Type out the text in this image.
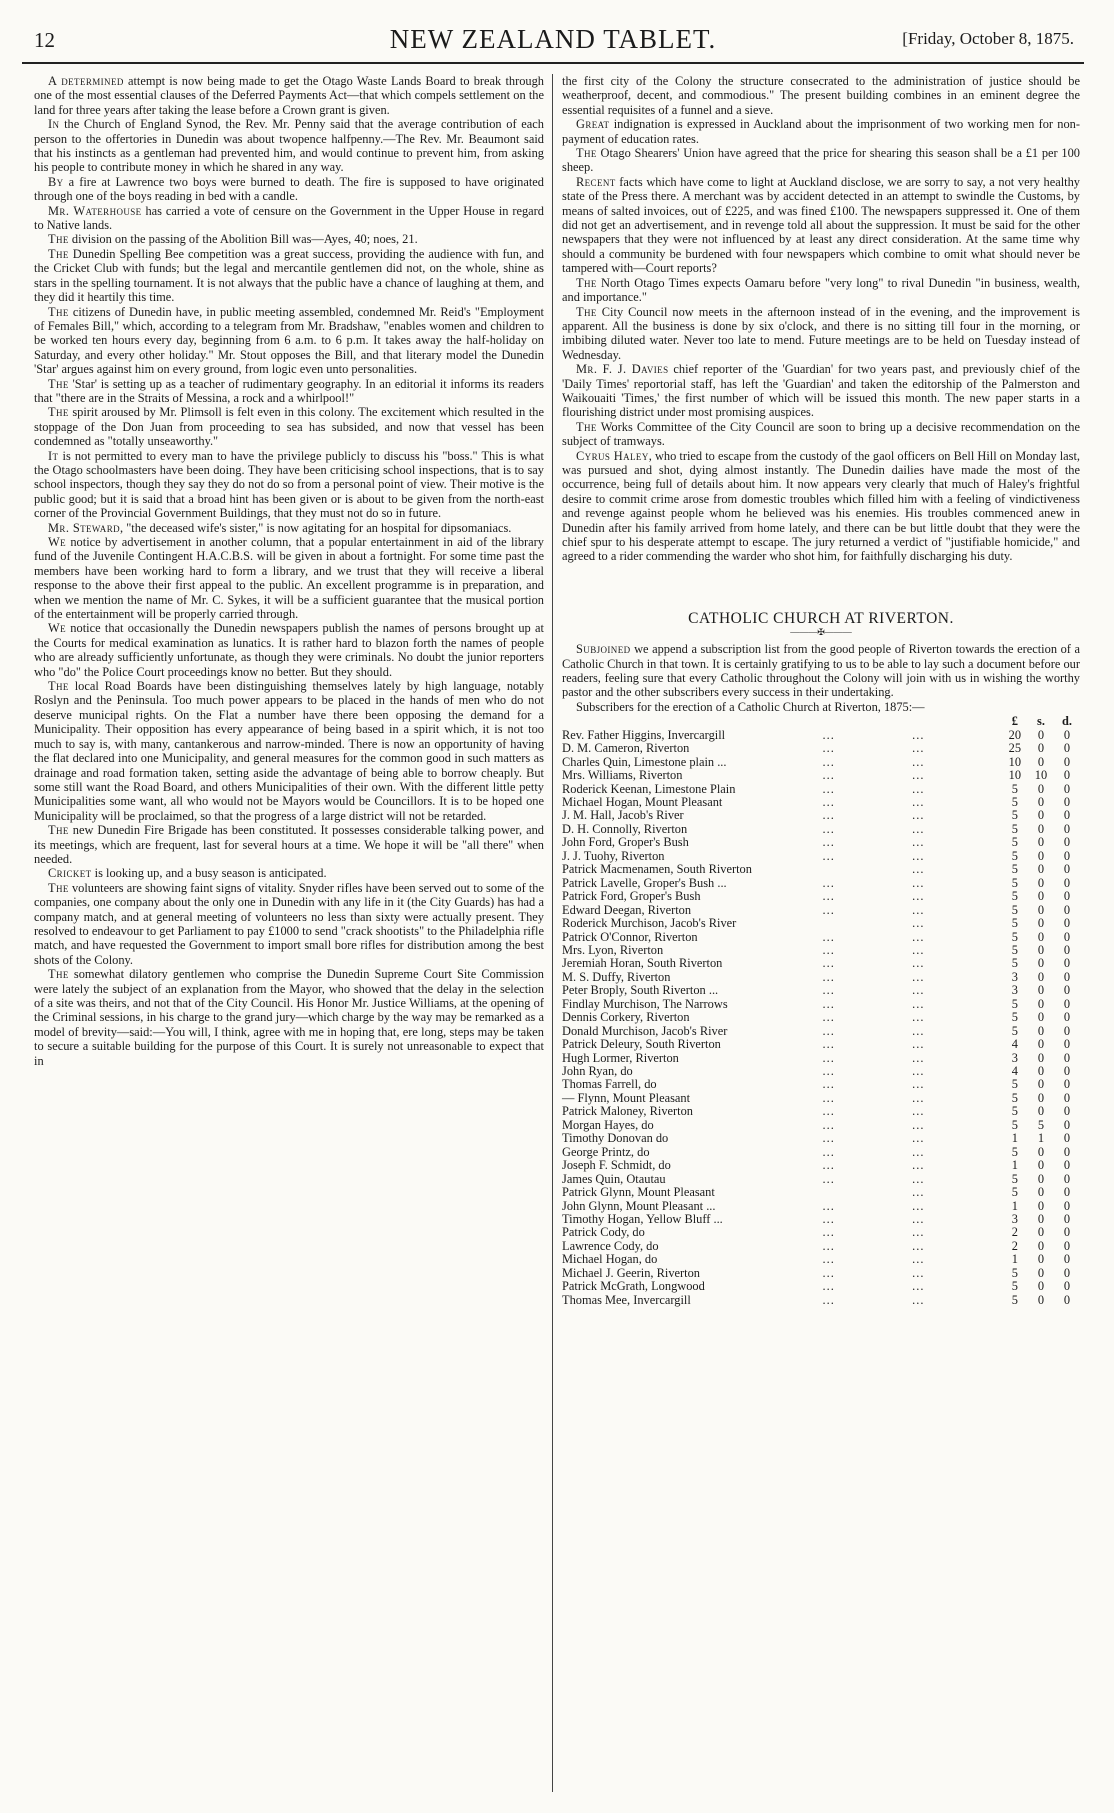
12	NEW ZEALAND TABLET.	[Friday, October 8, 1875.

A determined attempt is now being made to get the Otago Waste Lands Board to break through one of the most essential clauses of the Deferred Payments Act—that which compels settlement on the land for three years after taking the lease before a Crown grant is given.

In the Church of England Synod, the Rev. Mr. Penny said that the average contribution of each person to the offertories in Dunedin was about twopence halfpenny.—The Rev. Mr. Beaumont said that his instincts as a gentleman had prevented him, and would continue to prevent him, from asking his people to contribute money in which he shared in any way.

By a fire at Lawrence two boys were burned to death. The fire is supposed to have originated through one of the boys reading in bed with a candle.

Mr. Waterhouse has carried a vote of censure on the Government in the Upper House in regard to Native lands.

The division on the passing of the Abolition Bill was—Ayes, 40; noes, 21.

The Dunedin Spelling Bee competition was a great success, providing the audience with fun, and the Cricket Club with funds; but the legal and mercantile gentlemen did not, on the whole, shine as stars in the spelling tournament. It is not always that the public have a chance of laughing at them, and they did it heartily this time.

The citizens of Dunedin have, in public meeting assembled, condemned Mr. Reid's "Employment of Females Bill," which, according to a telegram from Mr. Bradshaw, "enables women and children to be worked ten hours every day, beginning from 6 a.m. to 6 p.m. It takes away the half-holiday on Saturday, and every other holiday." Mr. Stout opposes the Bill, and that literary model the Dunedin 'Star' argues against him on every ground, from logic even unto personalities.

The 'Star' is setting up as a teacher of rudimentary geography. In an editorial it informs its readers that "there are in the Straits of Messina, a rock and a whirlpool!"

The spirit aroused by Mr. Plimsoll is felt even in this colony. The excitement which resulted in the stoppage of the Don Juan from proceeding to sea has subsided, and now that vessel has been condemned as "totally unseaworthy."

It is not permitted to every man to have the privilege publicly to discuss his "boss." This is what the Otago schoolmasters have been doing. They have been criticising school inspections, that is to say school inspectors, though they say they do not do so from a personal point of view. Their motive is the public good; but it is said that a broad hint has been given or is about to be given from the north-east corner of the Provincial Government Buildings, that they must not do so in future.

Mr. Steward, "the deceased wife's sister," is now agitating for an hospital for dipsomaniacs.

We notice by advertisement in another column, that a popular entertainment in aid of the library fund of the Juvenile Contingent H.A.C.B.S. will be given in about a fortnight. For some time past the members have been working hard to form a library, and we trust that they will receive a liberal response to the above their first appeal to the public. An excellent programme is in preparation, and when we mention the name of Mr. C. Sykes, it will be a sufficient guarantee that the musical portion of the entertainment will be properly carried through.

We notice that occasionally the Dunedin newspapers publish the names of persons brought up at the Courts for medical examination as lunatics. It is rather hard to blazon forth the names of people who are already sufficiently unfortunate, as though they were criminals. No doubt the junior reporters who "do" the Police Court proceedings know no better. But they should.

The local Road Boards have been distinguishing themselves lately by high language, notably Roslyn and the Peninsula. Too much power appears to be placed in the hands of men who do not deserve municipal rights. On the Flat a number have there been opposing the demand for a Municipality. Their opposition has every appearance of being based in a spirit which, it is not too much to say is, with many, cantankerous and narrow-minded. There is now an opportunity of having the flat declared into one Municipality, and general measures for the common good in such matters as drainage and road formation taken, setting aside the advantage of being able to borrow cheaply. But some still want the Road Board, and others Municipalities of their own. With the different little petty Municipalities some want, all who would not be Mayors would be Councillors. It is to be hoped one Municipality will be proclaimed, so that the progress of a large district will not be retarded.

The new Dunedin Fire Brigade has been constituted. It possesses considerable talking power, and its meetings, which are frequent, last for several hours at a time. We hope it will be "all there" when needed.

Cricket is looking up, and a busy season is anticipated.

The volunteers are showing faint signs of vitality. Snyder rifles have been served out to some of the companies, one company about the only one in Dunedin with any life in it (the City Guards) has had a company match, and at general meeting of volunteers no less than sixty were actually present. They resolved to endeavour to get Parliament to pay £1000 to send "crack shootists" to the Philadelphia rifle match, and have requested the Government to import small bore rifles for distribution among the best shots of the Colony.

The somewhat dilatory gentlemen who comprise the Dunedin Supreme Court Site Commission were lately the subject of an explanation from the Mayor, who showed that the delay in the selection of a site was theirs, and not that of the City Council. His Honor Mr. Justice Williams, at the opening of the Criminal sessions, in his charge to the grand jury—which charge by the way may be remarked as a model of brevity—said:—You will, I think, agree with me in hoping that, ere long, steps may be taken to secure a suitable building for the purpose of this Court. It is surely not unreasonable to expect that in

the first city of the Colony the structure consecrated to the administration of justice should be weatherproof, decent, and commodious." The present building combines in an eminent degree the essential requisites of a funnel and a sieve.

Great indignation is expressed in Auckland about the imprisonment of two working men for non-payment of education rates.

The Otago Shearers' Union have agreed that the price for shearing this season shall be a £1 per 100 sheep.

Recent facts which have come to light at Auckland disclose, we are sorry to say, a not very healthy state of the Press there. A merchant was by accident detected in an attempt to swindle the Customs, by means of salted invoices, out of £225, and was fined £100. The newspapers suppressed it. One of them did not get an advertisement, and in revenge told all about the suppression. It must be said for the other newspapers that they were not influenced by at least any direct consideration. At the same time why should a community be burdened with four newspapers which combine to omit what should never be tampered with—Court reports?

The North Otago Times expects Oamaru before "very long" to rival Dunedin "in business, wealth, and importance."

The City Council now meets in the afternoon instead of in the evening, and the improvement is apparent. All the business is done by six o'clock, and there is no sitting till four in the morning, or imbibing diluted water. Never too late to mend. Future meetings are to be held on Tuesday instead of Wednesday.

Mr. F. J. Davies chief reporter of the 'Guardian' for two years past, and previously chief of the 'Daily Times' reportorial staff, has left the 'Guardian' and taken the editorship of the Palmerston and Waikouaiti 'Times,' the first number of which will be issued this month. The new paper starts in a flourishing district under most promising auspices.

The Works Committee of the City Council are soon to bring up a decisive recommendation on the subject of tramways.

Cyrus Haley, who tried to escape from the custody of the gaol officers on Bell Hill on Monday last, was pursued and shot, dying almost instantly. The Dunedin dailies have made the most of the occurrence, being full of details about him. It now appears very clearly that much of Haley's frightful desire to commit crime arose from domestic troubles which filled him with a feeling of vindictiveness and revenge against people whom he believed was his enemies. His troubles commenced anew in Dunedin after his family arrived from home lately, and there can be but little doubt that they were the chief spur to his desperate attempt to escape. The jury returned a verdict of "justifiable homicide," and agreed to a rider commending the warder who shot him, for faithfully discharging his duty.

CATHOLIC CHURCH AT RIVERTON.
———✠———

Subjoined we append a subscription list from the good people of Riverton towards the erection of a Catholic Church in that town. It is certainly gratifying to us to be able to lay such a document before our readers, feeling sure that every Catholic throughout the Colony will join with us in wishing the worthy pastor and the other subscribers every success in their undertaking.

Subscribers for the erection of a Catholic Church at Riverton, 1875:—

			£	s.	d.
Rev. Father Higgins, Invercargill	...	...	20	0	0
D. M. Cameron, Riverton	...	...	25	0	0
Charles Quin, Limestone plain ...	...	...	10	0	0
Mrs. Williams, Riverton	...	...	10	10	0
Roderick Keenan, Limestone Plain	...	...	5	0	0
Michael Hogan, Mount Pleasant	...	...	5	0	0
J. M. Hall, Jacob's River	...	...	5	0	0
D. H. Connolly, Riverton	...	...	5	0	0
John Ford, Groper's Bush	...	...	5	0	0
J. J. Tuohy, Riverton	...	...	5	0	0
Patrick Macmenamen, South Riverton		...	5	0	0
Patrick Lavelle, Groper's Bush ...	...	...	5	0	0
Patrick Ford, Groper's Bush	...	...	5	0	0
Edward Deegan, Riverton	...	...	5	0	0
Roderick Murchison, Jacob's River		...	5	0	0
Patrick O'Connor, Riverton	...	...	5	0	0
Mrs. Lyon, Riverton	...	...	5	0	0
Jeremiah Horan, South Riverton	...	...	5	0	0
M. S. Duffy, Riverton	...	...	3	0	0
Peter Broply, South Riverton ...	...	...	3	0	0
Findlay Murchison, The Narrows	...	...	5	0	0
Dennis Corkery, Riverton	...	...	5	0	0
Donald Murchison, Jacob's River	...	...	5	0	0
Patrick Deleury, South Riverton	...	...	4	0	0
Hugh Lormer, Riverton	...	...	3	0	0
John Ryan, do	...	...	4	0	0
Thomas Farrell, do	...	...	5	0	0
— Flynn, Mount Pleasant	...	...	5	0	0
Patrick Maloney, Riverton	...	...	5	0	0
Morgan Hayes, do	...	...	5	5	0
Timothy Donovan do	...	...	1	1	0
George Printz, do	...	...	5	0	0
Joseph F. Schmidt, do	...	...	1	0	0
James Quin, Otautau	...	...	5	0	0
Patrick Glynn, Mount Pleasant		...	5	0	0
John Glynn, Mount Pleasant ...	...	...	1	0	0
Timothy Hogan, Yellow Bluff ...	...	...	3	0	0
Patrick Cody, do	...	...	2	0	0
Lawrence Cody, do	...	...	2	0	0
Michael Hogan, do	...	...	1	0	0
Michael J. Geerin, Riverton	...	...	5	0	0
Patrick McGrath, Longwood	...	...	5	0	0
Thomas Mee, Invercargill	...	...	5	0	0
